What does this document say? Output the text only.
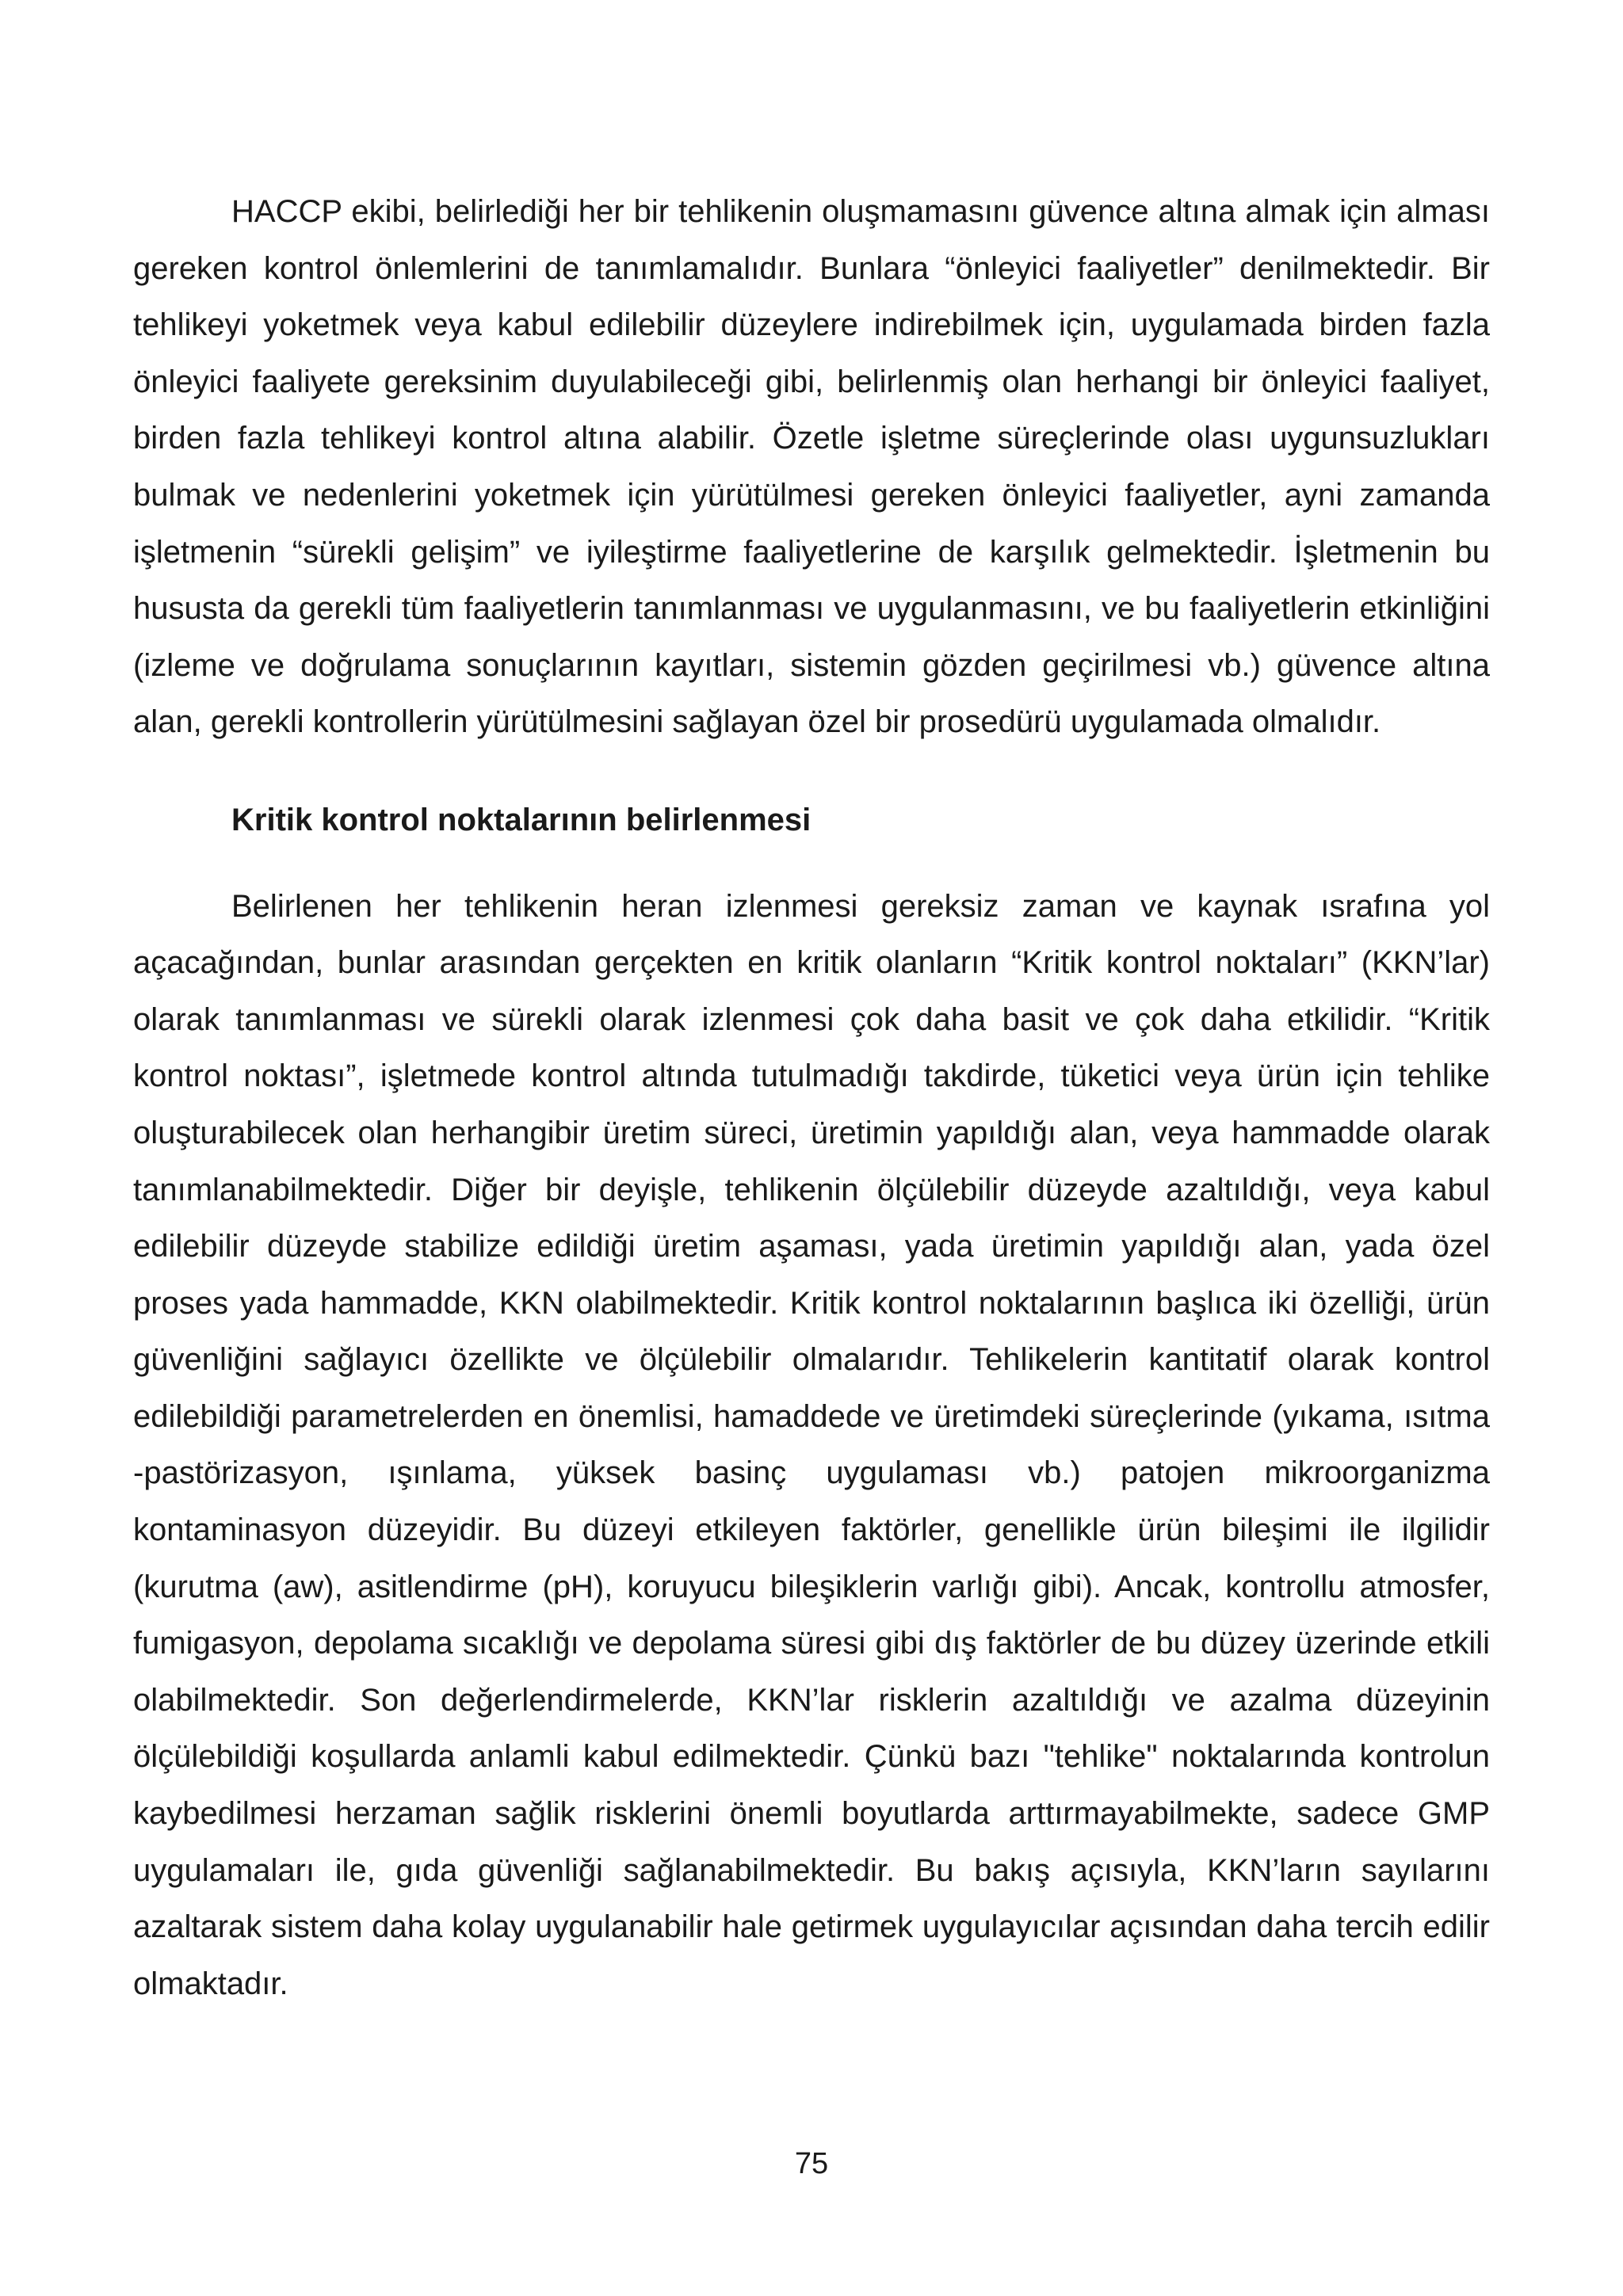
HACCP ekibi, belirlediği her bir tehlikenin oluşmamasını güvence altına almak için alması gereken kontrol önlemlerini de tanımlamalıdır. Bunlara “önleyici faaliyetler” denilmektedir. Bir tehlikeyi yoketmek veya kabul edilebilir düzeylere indirebilmek için, uygulamada birden fazla önleyici faaliyete gereksinim duyulabileceği gibi, belirlenmiş olan herhangi bir önleyici faaliyet, birden fazla tehlikeyi kontrol altına alabilir. Özetle işletme süreçlerinde olası uygunsuzlukları bulmak ve nedenlerini yoketmek için yürütülmesi gereken önleyici faaliyetler, ayni zamanda işletmenin “sürekli gelişim” ve iyileştirme faaliyetlerine de karşılık gelmektedir. İşletmenin bu hususta da gerekli tüm faaliyetlerin tanımlanması ve uygulanmasını, ve bu faaliyetlerin etkinliğini (izleme ve doğrulama sonuçlarının kayıtları, sistemin gözden geçirilmesi vb.) güvence altına alan, gerekli kontrollerin yürütülmesini sağlayan özel bir prosedürü uygulamada olmalıdır.

Kritik kontrol noktalarının belirlenmesi

Belirlenen her tehlikenin heran izlenmesi gereksiz zaman ve kaynak ısrafına yol açacağından, bunlar arasından gerçekten en kritik olanların “Kritik kontrol noktaları” (KKN’lar) olarak tanımlanması ve sürekli olarak izlenmesi çok daha basit ve çok daha etkilidir. “Kritik kontrol noktası”, işletmede kontrol altında tutulmadığı takdirde, tüketici veya ürün için tehlike oluşturabilecek olan herhangibir üretim süreci, üretimin yapıldığı alan, veya hammadde olarak tanımlanabilmektedir. Diğer bir deyişle, tehlikenin ölçülebilir düzeyde azaltıldığı, veya kabul edilebilir düzeyde stabilize edildiği üretim aşaması, yada üretimin yapıldığı alan, yada özel proses yada hammadde, KKN olabilmektedir. Kritik kontrol noktalarının başlıca iki özelliği, ürün güvenliğini sağlayıcı özellikte ve ölçülebilir olmalarıdır. Tehlikelerin kantitatif olarak kontrol edilebildiği parametrelerden en önemlisi, hamaddede ve üretimdeki süreçlerinde (yıkama, ısıtma -pastörizasyon, ışınlama, yüksek basinç uygulaması vb.) patojen mikroorganizma kontaminasyon düzeyidir. Bu düzeyi etkileyen faktörler, genellikle ürün bileşimi ile ilgilidir (kurutma (aw), asitlendirme (pH), koruyucu bileşiklerin varlığı gibi). Ancak, kontrollu atmosfer, fumigasyon, depolama sıcaklığı ve depolama süresi gibi dış faktörler de bu düzey üzerinde etkili olabilmektedir. Son değerlendirmelerde, KKN’lar risklerin azaltıldığı ve azalma düzeyinin ölçülebildiği koşullarda anlamli kabul edilmektedir. Çünkü bazı "tehlike" noktalarında kontrolun kaybedilmesi herzaman sağlik risklerini önemli boyutlarda arttırmayabilmekte, sadece GMP uygulamaları ile, gıda güvenliği sağlanabilmektedir. Bu bakış açısıyla, KKN’ların sayılarını azaltarak sistem daha kolay uygulanabilir hale getirmek uygulayıcılar açısından daha tercih edilir olmaktadır.

75
